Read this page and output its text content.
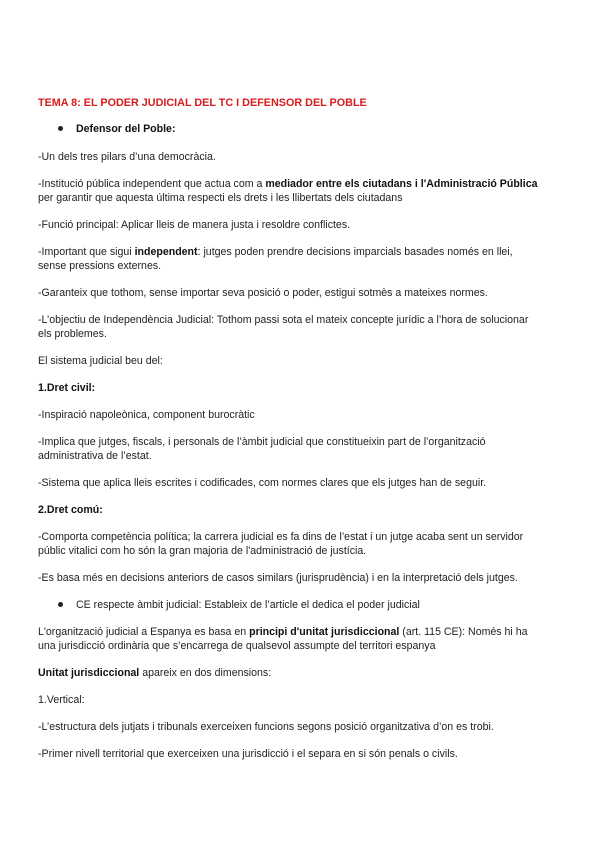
TEMA 8: EL PODER JUDICIAL DEL TC I DEFENSOR DEL POBLE
Defensor del Poble:
-Un dels tres pilars d’una democràcia.
-Institució pública independent que actua com a mediador entre els ciutadans i l'Administració Pública
per garantir que aquesta última respecti els drets i les llibertats dels ciutadans
-Funció principal: Aplicar lleis de manera justa i resoldre conflictes.
-Important que sigui independent: jutges poden prendre decisions imparcials basades només en llei,
sense pressions externes.
-Garanteix que tothom, sense importar seva posició o poder, estigui sotmès a mateixes normes.
-L’objectiu de Independència Judicial: Tothom passi sota el mateix concepte jurídic a l’hora de solucionar
els problemes.
El sistema judicial beu del:
1.Dret civil:
-Inspiració napoleònica, component burocràtic
-Implica que jutges, fiscals, i personals de l’àmbit judicial que constitueixin part de l’organització
administrativa de l’estat.
-Sistema que aplica lleis escrites i codificades, com normes clares que els jutges han de seguir.
2.Dret comú:
-Comporta competència política; la carrera judicial es fa dins de l’estat i un jutge acaba sent un servidor
públic vitalici com ho són la gran majoria de l'administració de justícia.
-Es basa més en decisions anteriors de casos similars (jurisprudència) i en la interpretació dels jutges.
CE respecte àmbit judicial: Estableix de l’article el dedica el poder judicial
L'organització judicial a Espanya es basa en principi d'unitat jurisdiccional (art. 115 CE): Només hi ha
una jurisdicció ordinària que s’encarrega de qualsevol assumpte del territori espanya
Unitat jurisdiccional apareix en dos dimensions:
1.Vertical:
-L’estructura dels jutjats i tribunals exerceixen funcions segons posició organitzativa d’on es trobi.
-Primer nivell territorial que exerceixen una jurisdicció i el separa en si són penals o civils.
